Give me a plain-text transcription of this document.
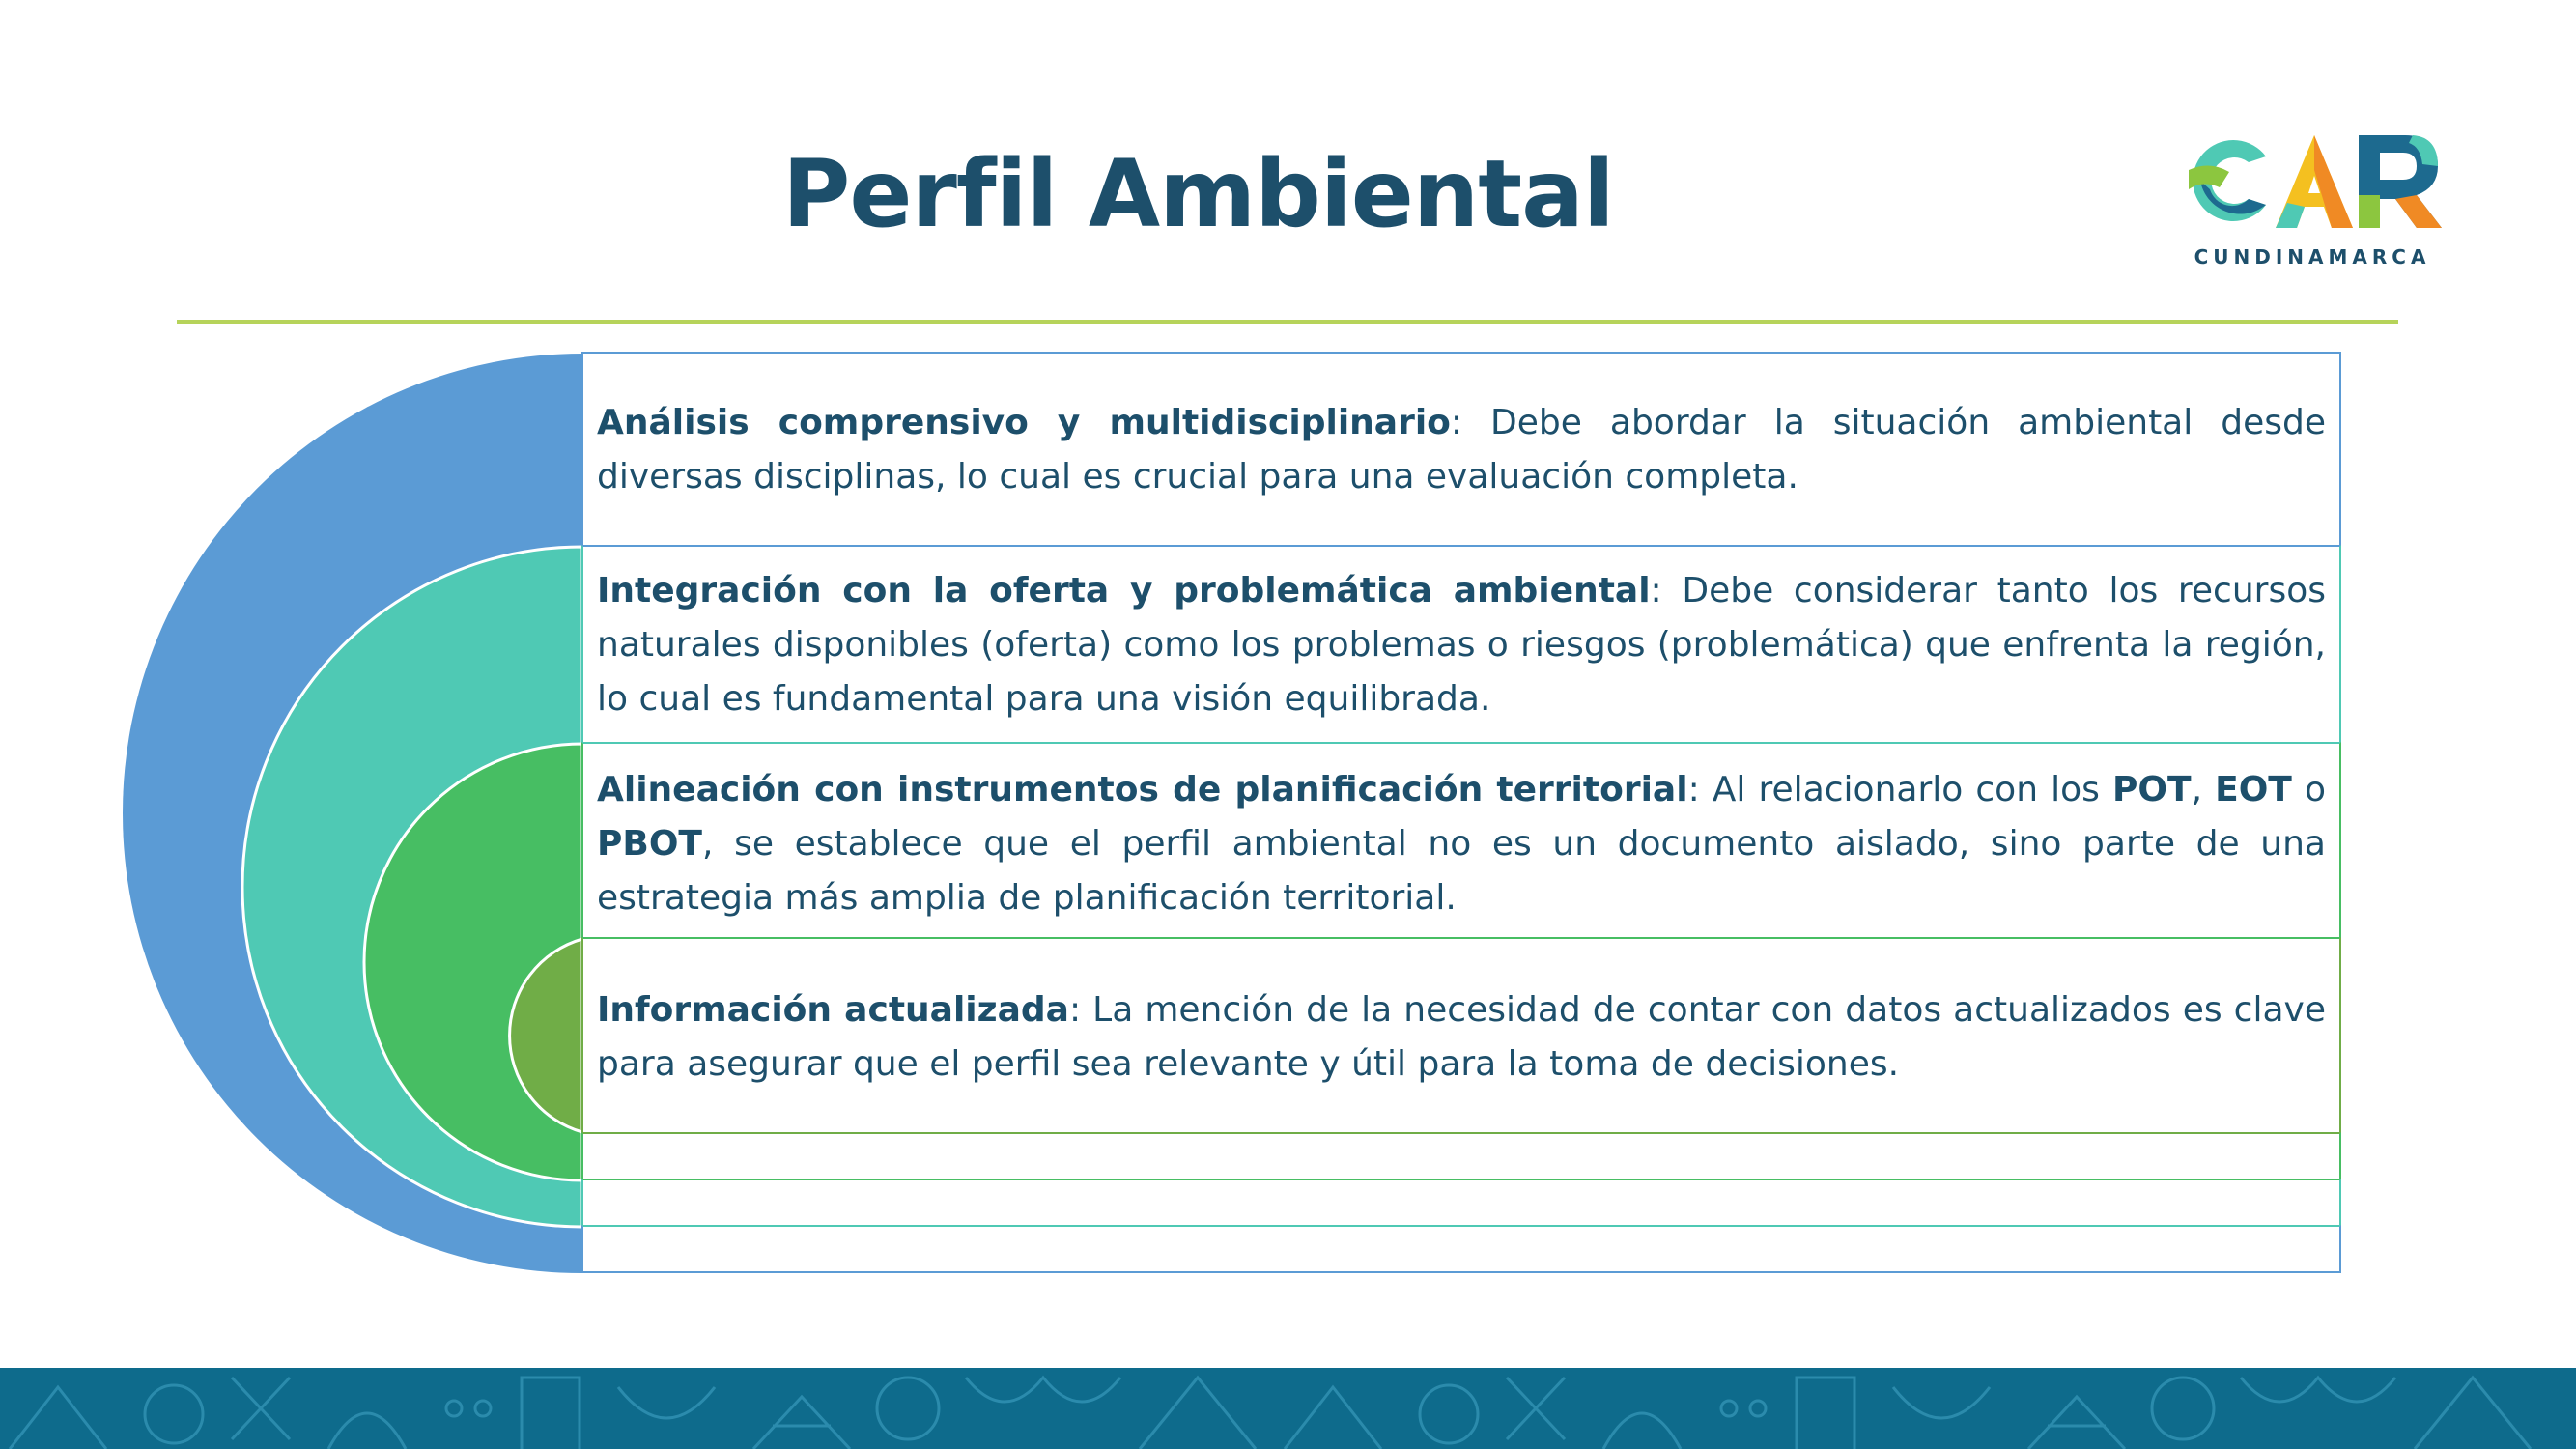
Perfil Ambiental
CUNDINAMARCA
Análisis comprensivo y multidisciplinario: Debe abordar la situación ambiental desde diversas disciplinas, lo cual es crucial para una evaluación completa.
Integración con la oferta y problemática ambiental: Debe considerar tanto los recursos naturales disponibles (oferta) como los problemas o riesgos (problemática) que enfrenta la región, lo cual es fundamental para una visión equilibrada.
Alineación con instrumentos de planificación territorial: Al relacionarlo con los POT, EOT o PBOT, se establece que el perfil ambiental no es un documento aislado, sino parte de una estrategia más amplia de planificación territorial.
Información actualizada: La mención de la necesidad de contar con datos actualizados es clave para asegurar que el perfil sea relevante y útil para la toma de decisiones.
